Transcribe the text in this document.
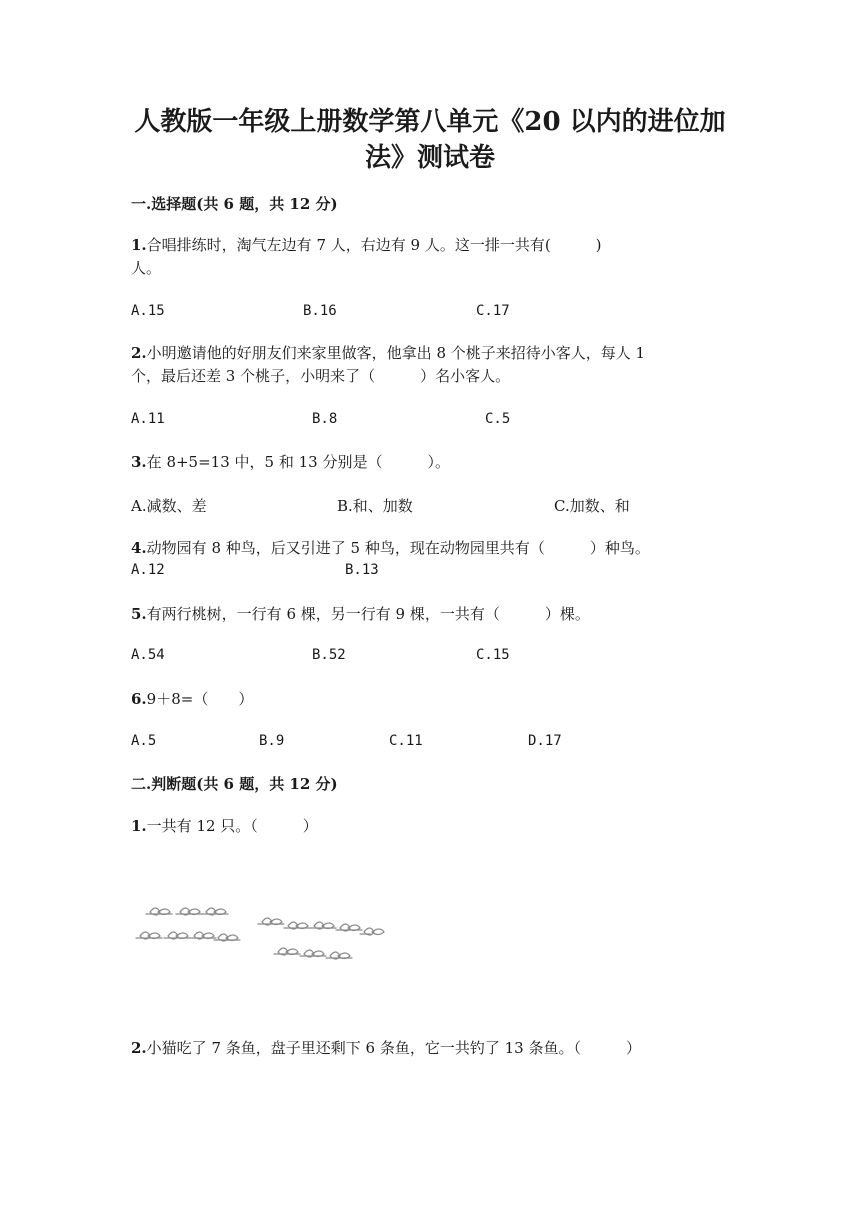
人教版一年级上册数学第八单元《20 以内的进位加
法》测试卷
一.选择题(共 6 题，共 12 分)
1.合唱排练时，淘气左边有 7 人，右边有 9 人。这一排一共有(　　　)
人。
A.15	B.16	C.17
2.小明邀请他的好朋友们来家里做客，他拿出 8 个桃子来招待小客人，每人 1
个，最后还差 3 个桃子，小明来了（　　　）名小客人。
A.11	B.8	C.5
3.在 8+5=13 中，5 和 13 分别是（　　　）。
A.减数、差	B.和、加数	C.加数、和
4.动物园有 8 种鸟，后又引进了 5 种鸟，现在动物园里共有（　　　）种鸟。
A.12	B.13
5.有两行桃树，一行有 6 棵，另一行有 9 棵，一共有（　　　）棵。
A.54	B.52	C.15
6.9＋8=（　　）
A.5	B.9	C.11	D.17
二.判断题(共 6 题，共 12 分)
1.一共有 12 只。（　　　）
2.小猫吃了 7 条鱼，盘子里还剩下 6 条鱼，它一共钓了 13 条鱼。（　　　）
